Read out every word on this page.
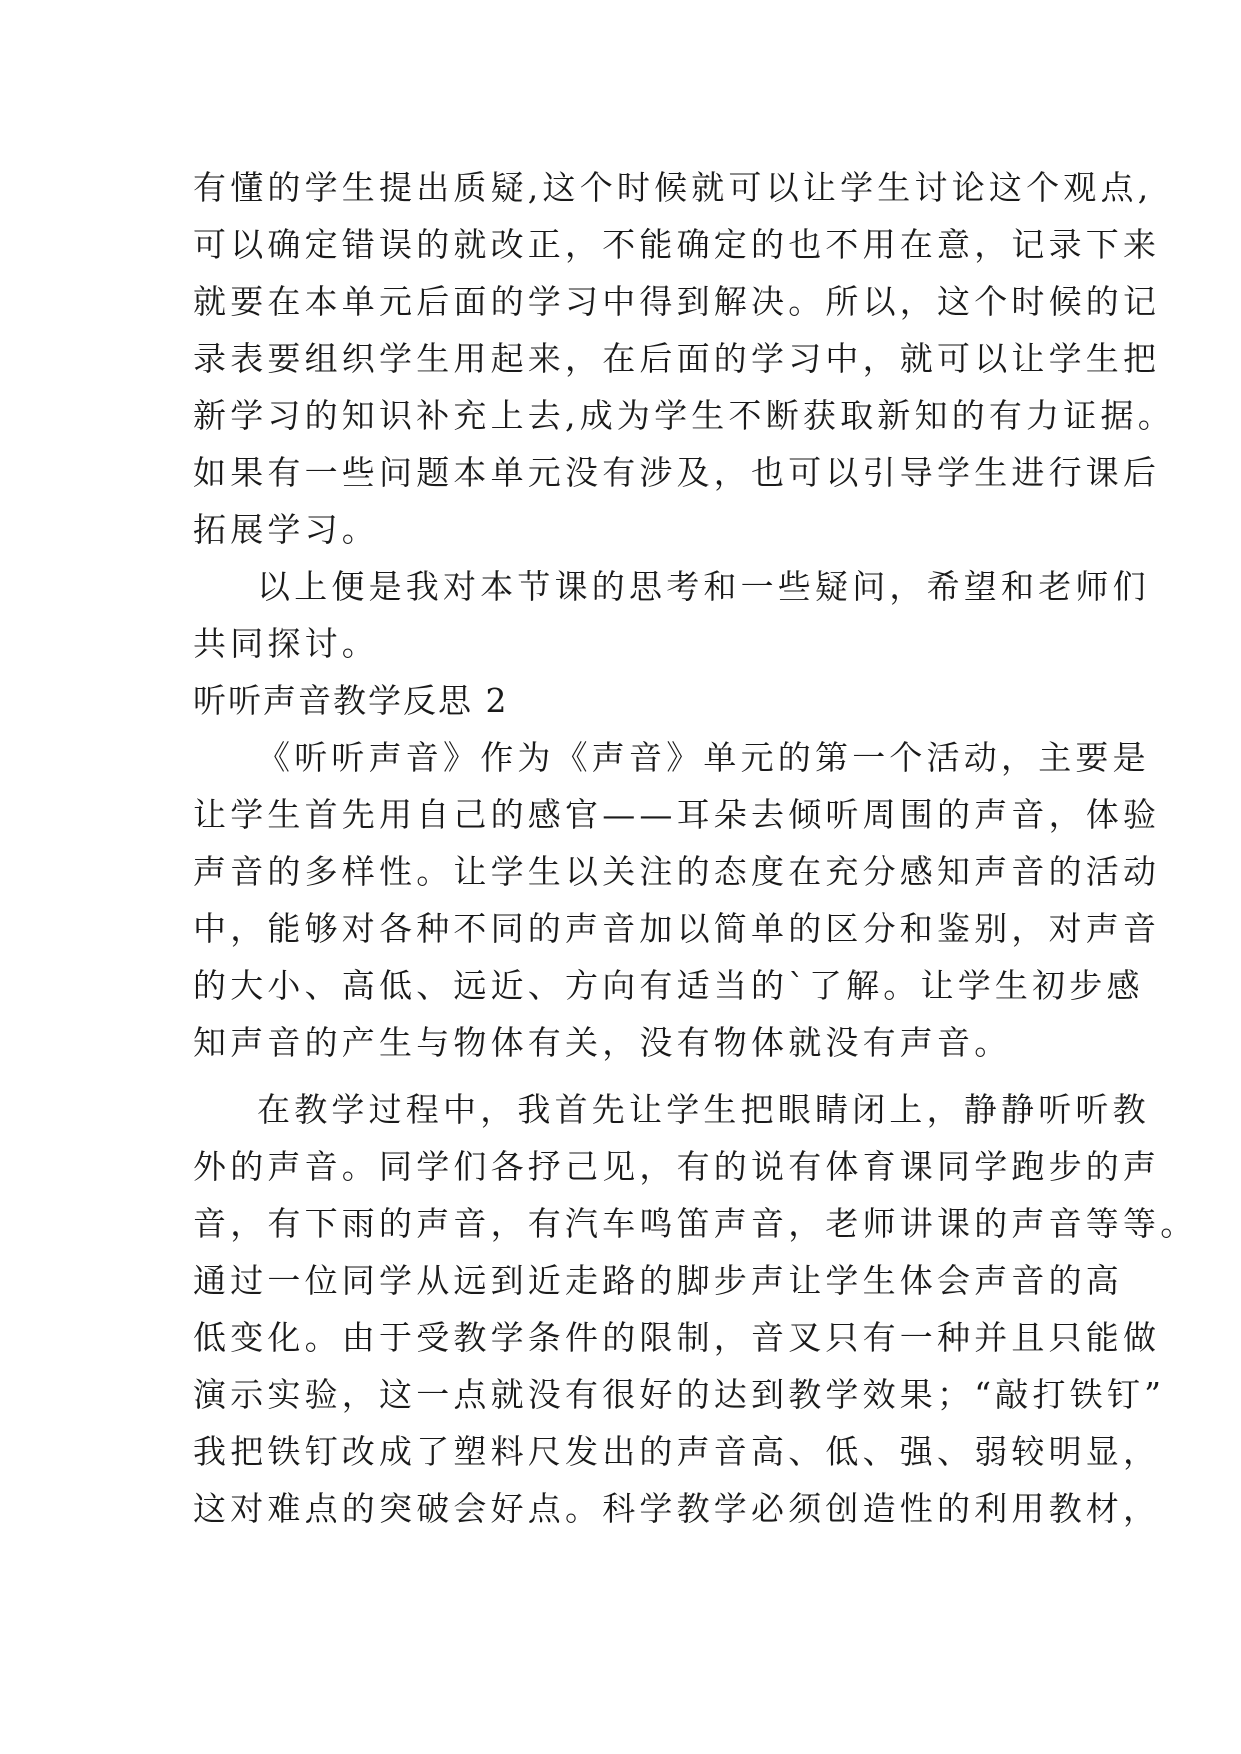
有懂的学生提出质疑,这个时候就可以让学生讨论这个观点,
可以确定错误的就改正，不能确定的也不用在意，记录下来
就要在本单元后面的学习中得到解决。所以，这个时候的记
录表要组织学生用起来，在后面的学习中，就可以让学生把
新学习的知识补充上去,成为学生不断获取新知的有力证据。
如果有一些问题本单元没有涉及，也可以引导学生进行课后
拓展学习。
以上便是我对本节课的思考和一些疑问，希望和老师们
共同探讨。
听听声音教学反思 2
《听听声音》作为《声音》单元的第一个活动，主要是
让学生首先用自己的感官——耳朵去倾听周围的声音，体验
声音的多样性。让学生以关注的态度在充分感知声音的活动
中，能够对各种不同的声音加以简单的区分和鉴别，对声音
的大小、高低、远近、方向有适当的`了解。让学生初步感
知声音的产生与物体有关，没有物体就没有声音。
在教学过程中，我首先让学生把眼睛闭上，静静听听教
外的声音。同学们各抒己见，有的说有体育课同学跑步的声
音，有下雨的声音，有汽车鸣笛声音，老师讲课的声音等等。
通过一位同学从远到近走路的脚步声让学生体会声音的高
低变化。由于受教学条件的限制，音叉只有一种并且只能做
演示实验，这一点就没有很好的达到教学效果；“敲打铁钉”
我把铁钉改成了塑料尺发出的声音高、低、强、弱较明显，
这对难点的突破会好点。科学教学必须创造性的利用教材，
